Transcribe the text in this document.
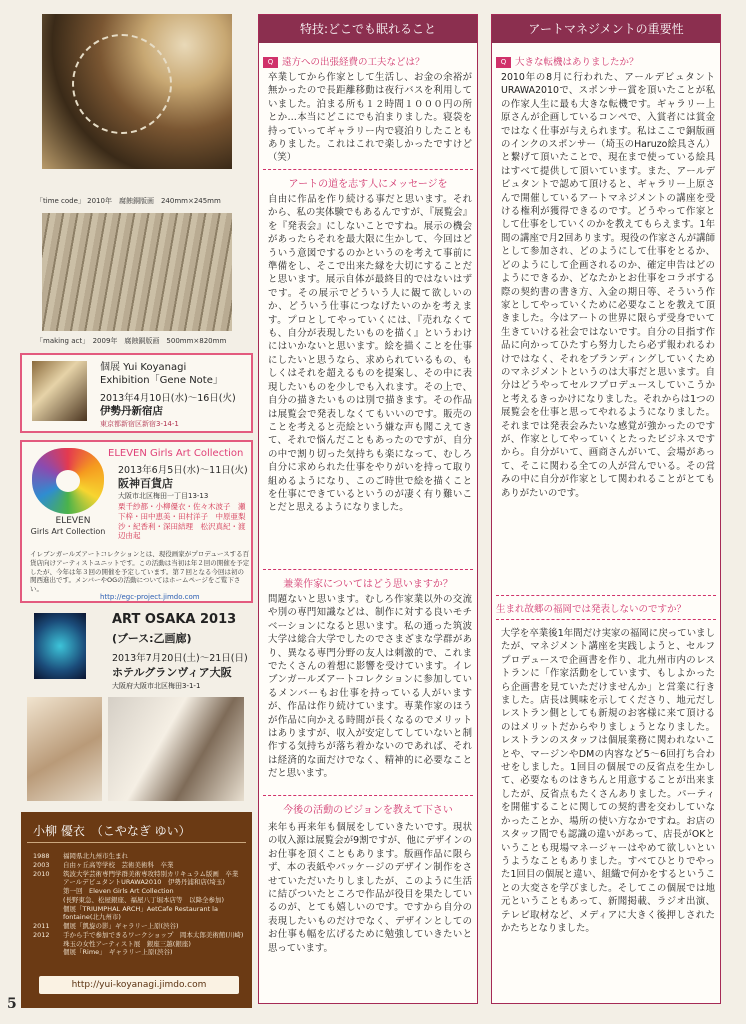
「time code」 2010年　腐蝕銅版画　240mm×245mm
「making act」　2009年　腐蝕銅版画　500mm×820mm
個展 Yui Koyanagi
Exhibition「Gene Note」
2013年4月10日(水)～16日(火)
伊勢丹新宿店
東京都新宿区新宿3-14-1
ELEVEN
Girls Art Collection
ELEVEN Girls Art Collection
2013年6月5日(水)～11日(火)
阪神百貨店
大阪市北区梅田一丁目13-13
栗千紗都・小柳優衣・佐々木波子　瀬下梓・田中恵美・田村洋子　中原亜梨沙・紀香利・深田結理　松沢真紀・渡辺由起
イレブンガールズアートコレクションとは、現役画家がプロデュースする百貨店向けアーティストユニットです。この活動は当初は年２回の開催を予定したが、今年は年３回の開催を予定しています。第７回となる今回は初の関西進出です。メンバーやOGの活動についてはホームページをご覧下さい。
http://egc-project.jimdo.com
ART OSAKA 2013
(ブース:乙画廊)
2013年7月20日(土)～21日(日)
ホテルグランヴィア大阪
大阪府大阪市北区梅田3-1-1
小柳 優衣　（こやなぎ ゆい）
1988	福岡県北九州市生まれ
2003	自由ヶ丘高等学校　芸術美術科　卒業
2010	筑波大学芸術専門学群美術専攻特別カリキュラム版画　卒業
アールデビュタントURAWA2010　伊勢丹浦和店(埼玉)
第一回　Eleven Girls Art Collection
(長野東急、松屋銀座、福屋八丁堀本店等　以降全参加)
個展「TRIUMPHAL ARCH」AetCafe Restaurant la fontaine(北九州市)
2011	個展「凱旋の影」ギャラリー上原(渋谷)
2012	手から手で参加できるワークショップ　岡本太郎美術館(川崎)
珠玉の女性アーティスト展　銀座三越(銀座)
個展「Rime」　ギャラリー上原(渋谷)
http://yui-koyanagi.jimdo.com
5
特技:どこでも眠れること
Q 遠方への出張経費の工夫などは？
卒業してから作家として生活し、お金の余裕が無かったので長距離移動は夜行バスを利用していました。泊まる所も１２時間１０００円の所とか…本当にどこにでも泊まりました。寝袋を持っていってギャラリー内で寝泊りしたこともありました。これはこれで楽しかったですけど（笑）
アートの道を志す人にメッセージを
自由に作品を作り続ける事だと思います。それから、私の実体験でもあるんですが、『展覧会』を『発表会』にしないことですね。展示の機会があったらそれを最大限に生かして、今回はどういう意図でするのかというのを考えて事前に準備をし、そこで出来た縁を大切にすることだと思います。展示自体が最終目的ではないはずです。その展示でどういう人に観て欲しいのか、どういう仕事につなげたいのかを考えます。プロとしてやっていくには、『売れなくても、自分が表現したいものを描く』というわけにはいかないと思います。絵を描くことを仕事にしたいと思うなら、求められているもの、もしくはそれを超えるものを提案し、その中に表現したいものを少しでも入れます。その上で、自分の描きたいものは別で描きます。その作品は展覧会で発表しなくてもいいのです。販売のことを考えると売絵という嫌な声も聞こえてきて、それで悩んだこともあったのですが、自分の中で割り切った気持ちも楽になって、むしろ自分に求められた仕事をやりがいを持って取り組めるようになり、このご時世で絵を描くことを仕事にできているというのが凄く有り難いことだと思えるようになりました。
兼業作家についてはどう思いますか？
問題ないと思います。むしろ作家業以外の交流や別の専門知識などは、制作に対する良いモチベーションになると思います。私の通った筑波大学は総合大学でしたのでさまざまな学群があり、異なる専門分野の友人は刺激的で、これまでたくさんの着想に影響を受けています。イレブンガールズアートコレクションに参加しているメンバーもお仕事を持っている人がいますが、作品は作り続けています。専業作家のほうが作品に向かえる時間が長くなるのでメリットはありますが、収入が安定してしていないと制作する気持ちが落ち着かないのであれば、それは経済的な面だけでなく、精神的に必要なことだと思います。
今後の活動のビジョンを教えて下さい
来年も再来年も個展をしていきたいです。現状の収入源は展覧会が9割ですが、他にデザインのお仕事を頂くこともあります。版画作品に限らず、本の表紙やパッケージのデザイン制作をさせていただいたりしましたが、このように生活に結びついたところで作品が役目を果たしているのが、とても嬉しいのです。ですから自分の表現したいものだけでなく、デザインとしてのお仕事も幅を広げるために勉強していきたいと思っています。
アートマネジメントの重要性
Q 大きな転機はありましたか？
2010年の8月に行われた、アールデビュタントURAWA2010で、スポンサー賞を頂いたことが私の作家人生に最も大きな転機です。ギャラリー上原さんが企画しているコンペで、入賞者には賞金ではなく仕事が与えられます。私はここで銅版画のインクのスポンサー（埼玉のHaruzo絵具さん）と繋げて頂いたことで、現在まで使っている絵具はすべて提供して頂いています。また、アールデビュタントで認めて頂けると、ギャラリー上原さんで開催しているアートマネジメントの講座を受ける権利が獲得できるのです。どうやって作家として仕事をしていくのかを教えてもらえます。1年間の講座で月2回あります。現役の作家さんが講師として参加され、どのようにして仕事をとるか、どのようにして企画されるのか、確定申告はどのようにできるか、どなたかとお仕事をコラボする際の契約書の書き方、入金の期日等、そういう作家としてやっていくために必要なことを教えて頂きました。今はアートの世界に限らず受身でいて生きていける社会ではないです。自分の目指す作品に向かってひたすら努力したら必ず報われるわけではなく、それをブランディングしていくためのマネジメントというのは大事だと思います。自分はどうやってセルフプロデュースしていこうかと考えるきっかけになりました。それからは1つの展覧会を仕事と思ってやれるようになりました。それまでは発表会みたいな感覚が強かったのですが、作家としてやっていくとたったビジネスですから。自分がいて、画商さんがいて、会場があって、そこに関わる全ての人が営んでいる。その営みの中に自分が作家として関われることがとてもありがたいのです。
生まれ故郷の福岡では発表しないのですか？
大学を卒業後1年間だけ実家の福岡に戻っていましたが、マネジメント講座を実践しようと、セルフプロデュースで企画書を作り、北九州市内のレストランに「作家活動をしています、もしよかったら企画書を見ていただけませんか」と営業に行きました。店長は興味を示してくださり、地元だしレストラン側としても新規のお客様に来て頂けるのはメリットだからやりましょうとなりました。レストランのスタッフは個展業務に関われないことや、マージンやDMの内容など5～6回打ち合わせをしました。1回目の個展での反省点を生かして、必要なものはきちんと用意することが出来ましたが、反省点もたくさんありました。パーティを開催することに関しての契約書を交わしていなかったことか、場所の使い方なかですね。お店のスタッフ間でも認識の違いがあって、店長がOKということも現場マネージャーはやめて欲しいというようなこともありました。すべてひとりでやった1回目の個展と違い、組織で何かをするということの大変さを学びました。そしてこの個展では地元ということもあって、新聞掲載、ラジオ出演、テレビ取材など、メディアに大きく後押しされたかたちとなりました。
